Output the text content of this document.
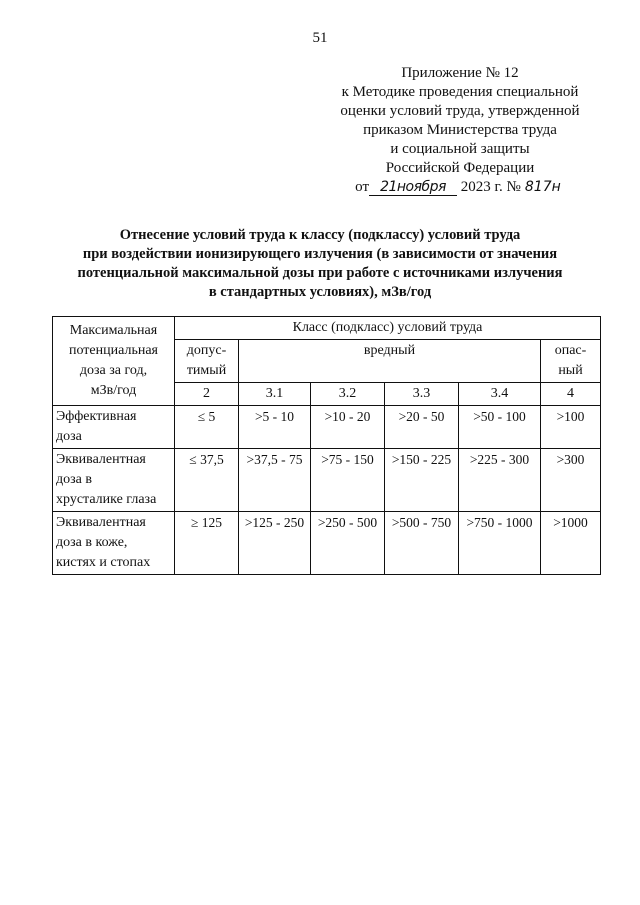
51
Приложение № 12
к Методике проведения специальной
оценки условий труда, утвержденной
приказом Министерства труда
и социальной защиты
Российской Федерации
от 21ноября 2023 г. № 817н
Отнесение условий труда к классу (подклассу) условий труда
при воздействии ионизирующего излучения (в зависимости от значения
потенциальной максимальной дозы при работе с источниками излучения
в стандартных условиях), мЗв/год
Максимальная
потенциальная
доза за год,
мЗв/год	Класс (подкласс) условий труда					
	допус-
тимый	вредный				опас-
ный
	2	3.1	3.2	3.3	3.4	4
Эффективная
доза	≤ 5	>5 - 10	>10 - 20	>20 - 50	>50 - 100	>100
Эквивалентная
доза в
хрусталике глаза	≤ 37,5	>37,5 - 75	>75 - 150	>150 - 225	>225 - 300	>300
Эквивалентная
доза в коже,
кистях и стопах	≥ 125	>125 - 250	>250 - 500	>500 - 750	>750 - 1000	>1000
